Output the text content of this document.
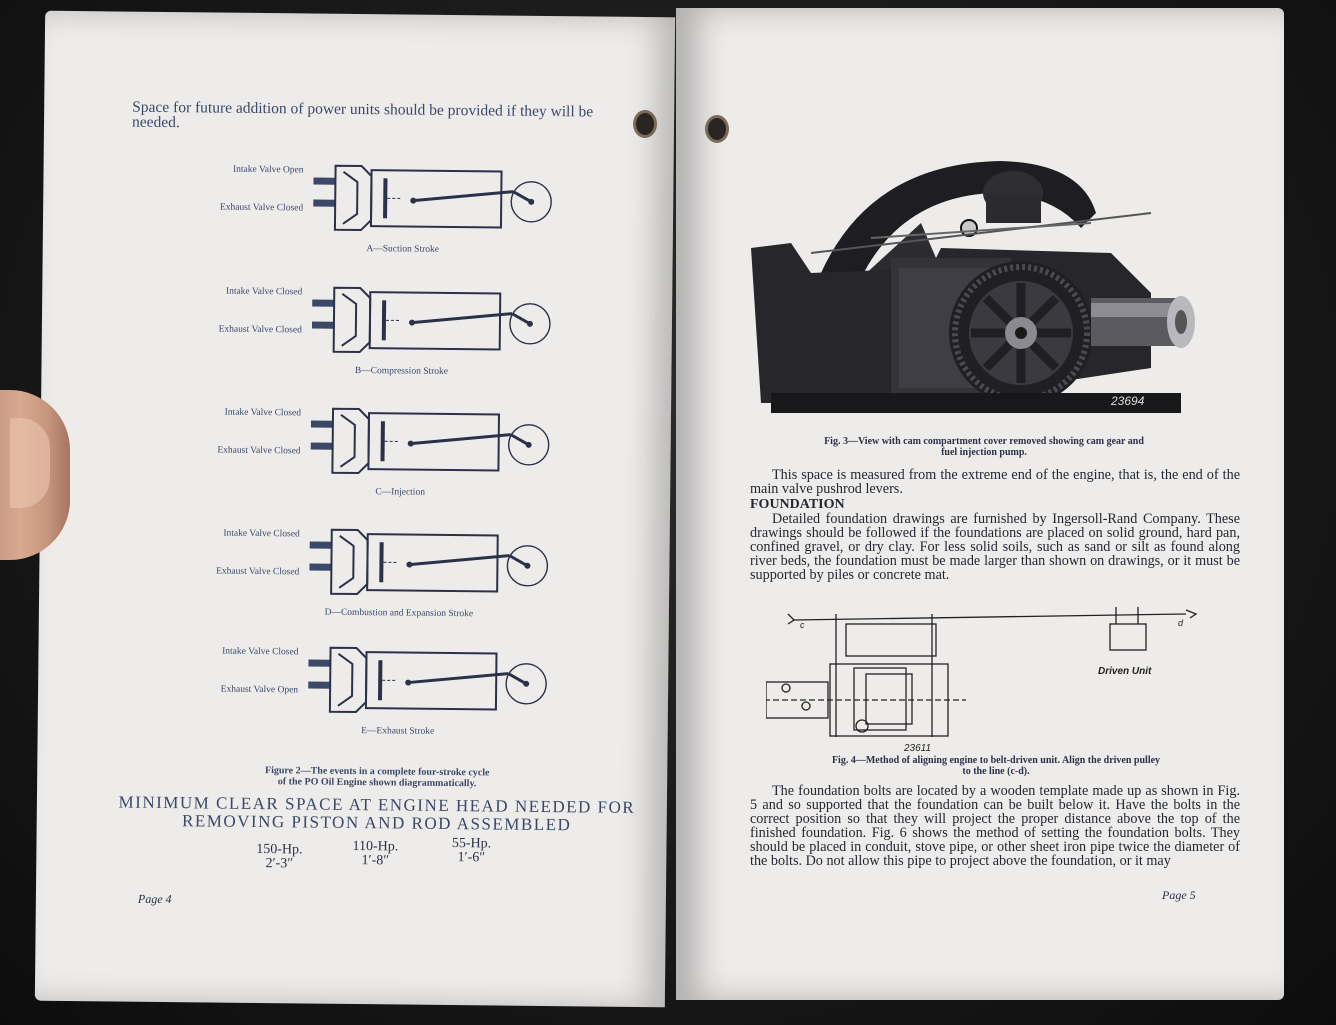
Space for future addition of power units should be provided if they will be needed.
Intake Valve Open
Exhaust Valve Closed
A—Suction Stroke
Intake Valve Closed
Exhaust Valve Closed
B—Compression Stroke
Intake Valve Closed
Exhaust Valve Closed
C—Injection
Intake Valve Closed
Exhaust Valve Closed
D—Combustion and Expansion Stroke
Intake Valve Closed
Exhaust Valve Open
E—Exhaust Stroke
Figure 2—The events in a complete four-stroke cycle
of the PO Oil Engine shown diagrammatically.
MINIMUM CLEAR SPACE AT ENGINE HEAD NEEDED FOR
REMOVING PISTON AND ROD ASSEMBLED
150-Hp.
2′-3″
110-Hp.
1′-8″
55-Hp.
1′-6″
Page 4
23694
Fig. 3—View with cam compartment cover removed showing cam gear and
fuel injection pump.

This space is measured from the extreme end of the engine, that is, the end of the main valve pushrod levers.

FOUNDATION

Detailed foundation drawings are furnished by Ingersoll-Rand Company. These drawings should be followed if the foundations are placed on solid ground, hard pan, confined gravel, or dry clay. For less solid soils, such as sand or silt as found along river beds, the foundation must be made larger than shown on drawings, or it must be supported by piles or concrete mat.

Driven Unit
c	d
23611
Fig. 4—Method of aligning engine to belt-driven unit. Align the driven pulley
to the line (c-d).

The foundation bolts are located by a wooden template made up as shown in Fig. 5 and so supported that the foundation can be built below it. Have the bolts in the correct position so that they will project the proper distance above the top of the finished foundation. Fig. 6 shows the method of setting the foundation bolts. They should be placed in conduit, stove pipe, or other sheet iron pipe twice the diameter of the bolts. Do not allow this pipe to project above the foundation, or it may

Page 5
